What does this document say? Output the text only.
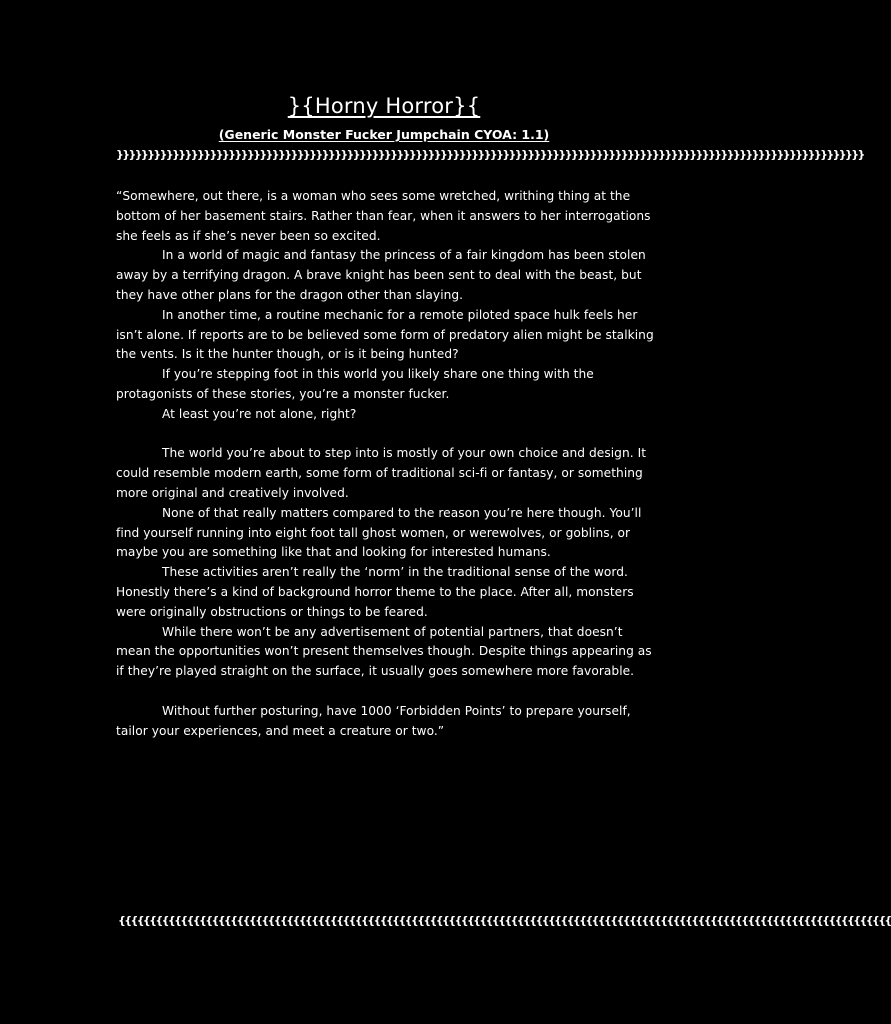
}{Horny Horror}{
(Generic Monster Fucker Jumpchain CYOA: 1.1)
}}}}}}}}}}}}}}}}}}}}}}}}}}}}}}}}}}}}}}}}}}}}}}}}}}}}}}}}}}}}}}}}}}}}}}}}}}}}}}}}}}}}}}}}}}}}}}}}}}}}}}}}}}}}}}}}}}}}}}}}

“Somewhere, out there, is a woman who sees some wretched, writhing thing at the bottom of her basement stairs. Rather than fear, when it answers to her interrogations she feels as if she’s never been so excited.

In a world of magic and fantasy the princess of a fair kingdom has been stolen away by a terrifying dragon. A brave knight has been sent to deal with the beast, but they have other plans for the dragon other than slaying.

In another time, a routine mechanic for a remote piloted space hulk feels her isn’t alone. If reports are to be believed some form of predatory alien might be stalking the vents. Is it the hunter though, or is it being hunted?

If you’re stepping foot in this world you likely share one thing with the protagonists of these stories, you’re a monster fucker.

At least you’re not alone, right?

The world you’re about to step into is mostly of your own choice and design. It could resemble modern earth, some form of traditional sci-fi or fantasy, or something more original and creatively involved.

None of that really matters compared to the reason you’re here though. You’ll find yourself running into eight foot tall ghost women, or werewolves, or goblins, or maybe you are something like that and looking for interested humans.

These activities aren’t really the ‘norm’ in the traditional sense of the word. Honestly there’s a kind of background horror theme to the place. After all, monsters were originally obstructions or things to be feared.

While there won’t be any advertisement of potential partners, that doesn’t mean the opportunities won’t present themselves though. Despite things appearing as if they’re played straight on the surface, it usually goes somewhere more favorable.

Without further posturing, have 1000 ‘Forbidden Points’ to prepare yourself, tailor your experiences, and meet a creature or two.”

{{{{{{{{{{{{{{{{{{{{{{{{{{{{{{{{{{{{{{{{{{{{{{{{{{{{{{{{{{{{{{{{{{{{{{{{{{{{{{{{{{{{{{{{{{{{{{{{{{{{{{{{{{{{{{{{{{{{{{{{{{{{
